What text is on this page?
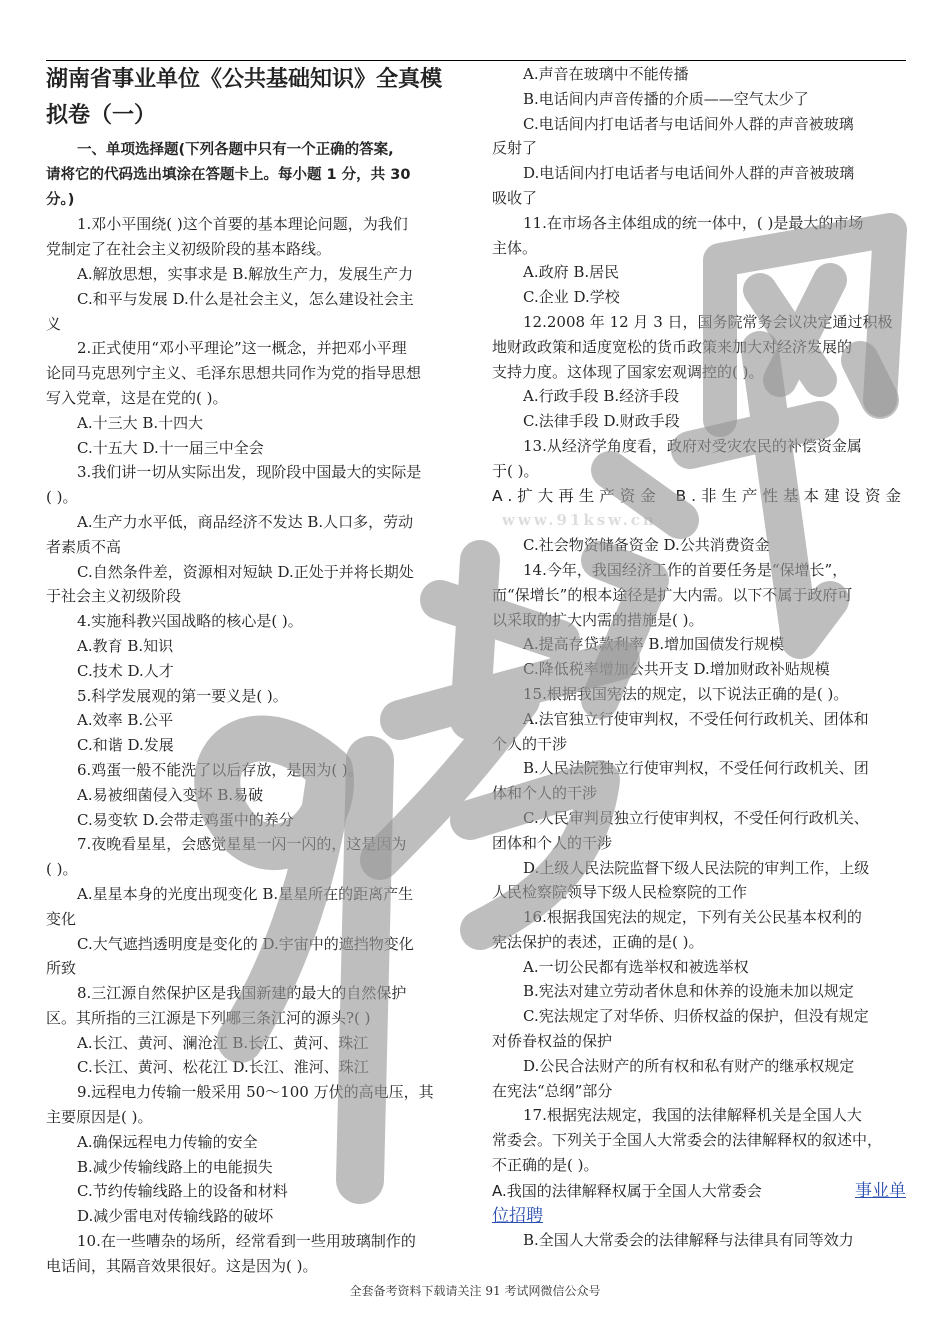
湖南省事业单位《公共基础知识》全真模
拟卷（一）
一、单项选择题(下列各题中只有一个正确的答案,
请将它的代码选出填涂在答题卡上。每小题 1 分，共 30
分。)
1.邓小平围绕( )这个首要的基本理论问题，为我们
党制定了在社会主义初级阶段的基本路线。
A.解放思想，实事求是 B.解放生产力，发展生产力
C.和平与发展 D.什么是社会主义，怎么建设社会主
义
2.正式使用“邓小平理论”这一概念，并把邓小平理
论同马克思列宁主义、毛泽东思想共同作为党的指导思想
写入党章，这是在党的( )。
A.十三大 B.十四大
C.十五大 D.十一届三中全会
3.我们讲一切从实际出发，现阶段中国最大的实际是
( )。
A.生产力水平低，商品经济不发达 B.人口多，劳动
者素质不高
C.自然条件差，资源相对短缺 D.正处于并将长期处
于社会主义初级阶段
4.实施科教兴国战略的核心是( )。
A.教育 B.知识
C.技术 D.人才
5.科学发展观的第一要义是( )。
A.效率 B.公平
C.和谐 D.发展
6.鸡蛋一般不能洗了以后存放，是因为( )。
A.易被细菌侵入变坏 B.易破
C.易变软 D.会带走鸡蛋中的养分
7.夜晚看星星，会感觉星星一闪一闪的，这是因为
( )。
A.星星本身的光度出现变化 B.星星所在的距离产生
变化
C.大气遮挡透明度是变化的 D.宇宙中的遮挡物变化
所致
8.三江源自然保护区是我国新建的最大的自然保护
区。其所指的三江源是下列哪三条江河的源头?( )
A.长江、黄河、澜沧江 B.长江、黄河、珠江
C.长江、黄河、松花江 D.长江、淮河、珠江
9.远程电力传输一般采用 50～100 万伏的高电压，其
主要原因是( )。
A.确保远程电力传输的安全
B.减少传输线路上的电能损失
C.节约传输线路上的设备和材料
D.减少雷电对传输线路的破坏
10.在一些嘈杂的场所，经常看到一些用玻璃制作的
电话间，其隔音效果很好。这是因为( )。
A.声音在玻璃中不能传播
B.电话间内声音传播的介质——空气太少了
C.电话间内打电话者与电话间外人群的声音被玻璃
反射了
D.电话间内打电话者与电话间外人群的声音被玻璃
吸收了
11.在市场各主体组成的统一体中，( )是最大的市场
主体。
A.政府 B.居民
C.企业 D.学校
12.2008 年 12 月 3 日，国务院常务会议决定通过积极
地财政政策和适度宽松的货币政策来加大对经济发展的
支持力度。这体现了国家宏观调控的( )。
A.行政手段 B.经济手段
C.法律手段 D.财政手段
13.从经济学角度看，政府对受灾农民的补偿资金属
于( )。
A.扩大再生产资金 B.非生产性基本建设资金
www.91ksw.cn
C.社会物资储备资金 D.公共消费资金
14.今年，我国经济工作的首要任务是“保增长”，
而“保增长”的根本途径是扩大内需。以下不属于政府可
以采取的扩大内需的措施是( )。
A.提高存贷款利率 B.增加国债发行规模
C.降低税率增加公共开支 D.增加财政补贴规模
15.根据我国宪法的规定，以下说法正确的是( )。
A.法官独立行使审判权，不受任何行政机关、团体和
个人的干涉
B.人民法院独立行使审判权，不受任何行政机关、团
体和个人的干涉
C.人民审判员独立行使审判权，不受任何行政机关、
团体和个人的干涉
D.上级人民法院监督下级人民法院的审判工作，上级
人民检察院领导下级人民检察院的工作
16.根据我国宪法的规定，下列有关公民基本权利的
宪法保护的表述，正确的是( )。
A.一切公民都有选举权和被选举权
B.宪法对建立劳动者休息和休养的设施未加以规定
C.宪法规定了对华侨、归侨权益的保护，但没有规定
对侨眷权益的保护
D.公民合法财产的所有权和私有财产的继承权规定
在宪法“总纲”部分
17.根据宪法规定，我国的法律解释机关是全国人大
常委会。下列关于全国人大常委会的法律解释权的叙述中，
不正确的是( )。
A.我国的法律解释权属于全国人大常委会	事业单
位招聘
B.全国人大常委会的法律解释与法律具有同等效力
全套备考资料下载请关注 91 考试网微信公众号
